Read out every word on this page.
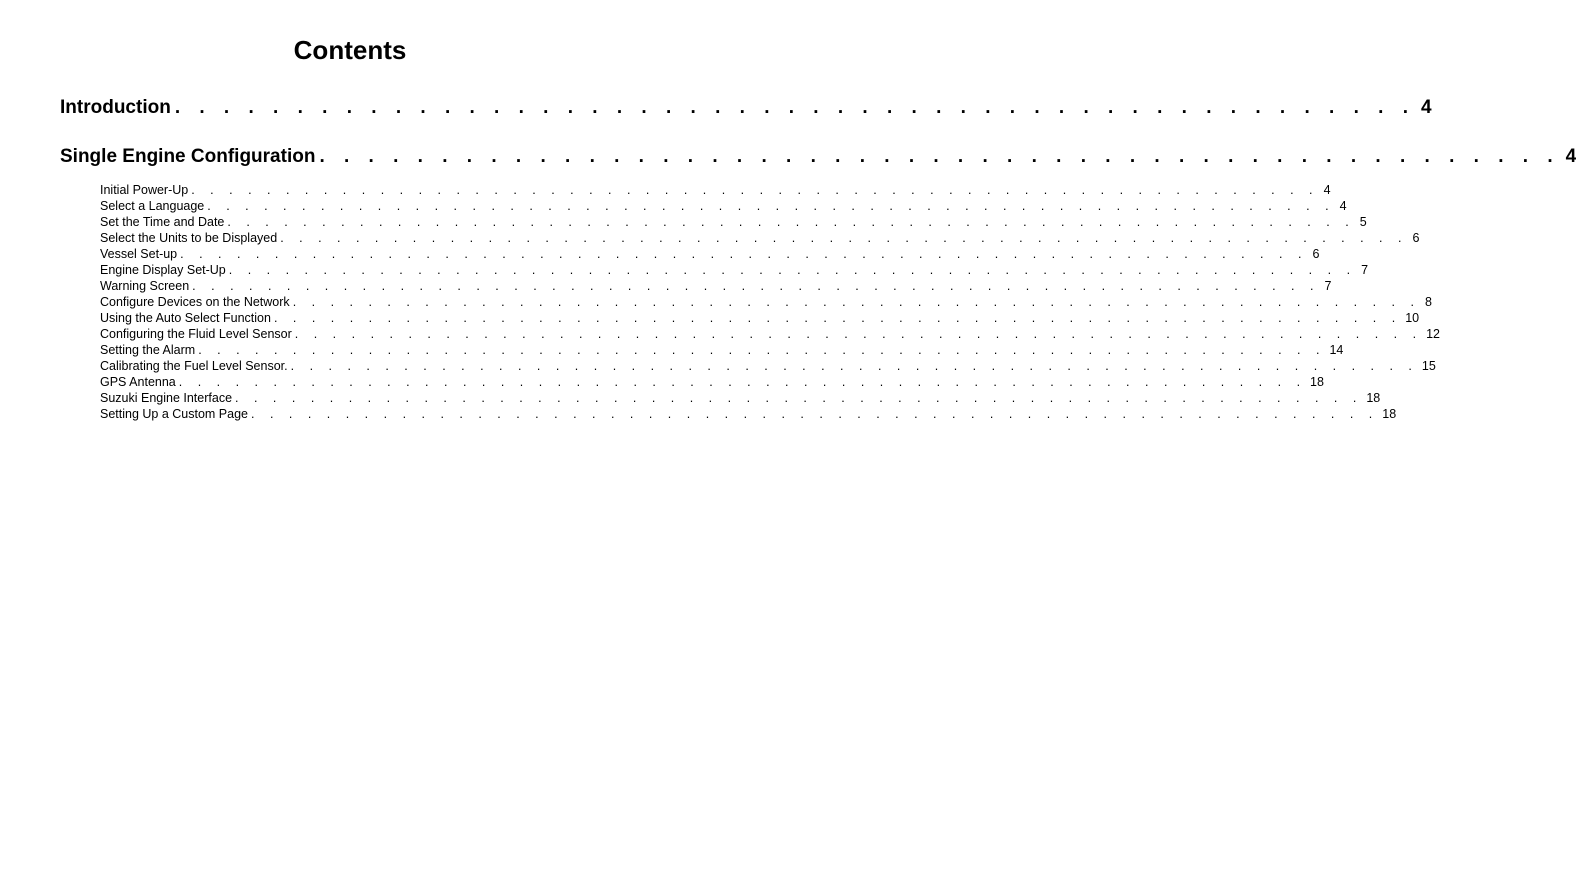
Contents
Introduction . . . . . . . . . . . . . . . . . . . . . . . . . . . . . . . . . . . . . . . . . . . . . . . . . . . 4
Single Engine Configuration . . . . . . . . . . . . . . . . . . . . . . . . . . . . . . . . . . . . . . . . . . . . . . . . . . . 4
Initial Power-Up . . . . . . . . . . . . . . . . . . . . . . . . . . . . . . . . . . . . . . . . . . . . . . . . . . . . . . . . . . . . 4
Select a Language . . . . . . . . . . . . . . . . . . . . . . . . . . . . . . . . . . . . . . . . . . . . . . . . . . . . . . . . . . . . 4
Set the Time and Date . . . . . . . . . . . . . . . . . . . . . . . . . . . . . . . . . . . . . . . . . . . . . . . . . . . . . . . . . . . . 5
Select the Units to be Displayed . . . . . . . . . . . . . . . . . . . . . . . . . . . . . . . . . . . . . . . . . . . . . . . . . . . . . . . . . . . . 6
Vessel Set-up . . . . . . . . . . . . . . . . . . . . . . . . . . . . . . . . . . . . . . . . . . . . . . . . . . . . . . . . . . . . 6
Engine Display Set-Up . . . . . . . . . . . . . . . . . . . . . . . . . . . . . . . . . . . . . . . . . . . . . . . . . . . . . . . . . . . . 7
Warning Screen . . . . . . . . . . . . . . . . . . . . . . . . . . . . . . . . . . . . . . . . . . . . . . . . . . . . . . . . . . . . 7
Configure Devices on the Network . . . . . . . . . . . . . . . . . . . . . . . . . . . . . . . . . . . . . . . . . . . . . . . . . . . . . . . . . . . . 8
Using the Auto Select Function . . . . . . . . . . . . . . . . . . . . . . . . . . . . . . . . . . . . . . . . . . . . . . . . . . . . . . . . . . . . 10
Configuring the Fluid Level Sensor . . . . . . . . . . . . . . . . . . . . . . . . . . . . . . . . . . . . . . . . . . . . . . . . . . . . . . . . . . . . 12
Setting the Alarm . . . . . . . . . . . . . . . . . . . . . . . . . . . . . . . . . . . . . . . . . . . . . . . . . . . . . . . . . . . . 14
Calibrating the Fuel Level Sensor. . . . . . . . . . . . . . . . . . . . . . . . . . . . . . . . . . . . . . . . . . . . . . . . . . . . . . . . . . . . . 15
GPS Antenna . . . . . . . . . . . . . . . . . . . . . . . . . . . . . . . . . . . . . . . . . . . . . . . . . . . . . . . . . . . . 18
Suzuki Engine Interface . . . . . . . . . . . . . . . . . . . . . . . . . . . . . . . . . . . . . . . . . . . . . . . . . . . . . . . . . . . . 18
Setting Up a Custom Page . . . . . . . . . . . . . . . . . . . . . . . . . . . . . . . . . . . . . . . . . . . . . . . . . . . . . . . . . . . . 18
